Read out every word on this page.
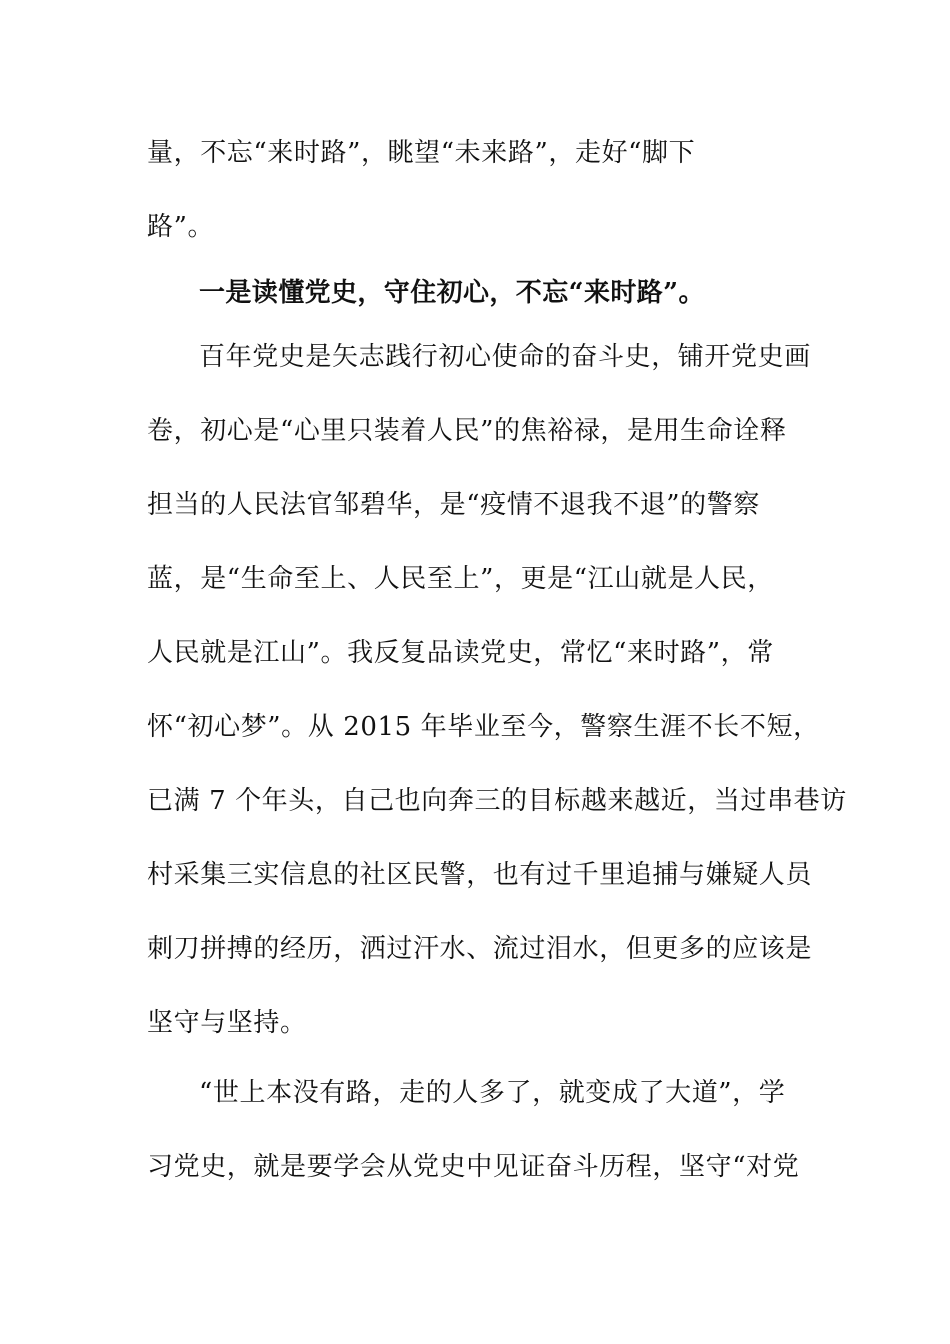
量，不忘“来时路”，眺望“未来路”，走好“脚下
路”。
一是读懂党史，守住初心，不忘“来时路”。
百年党史是矢志践行初心使命的奋斗史，铺开党史画
卷，初心是“心里只装着人民”的焦裕禄，是用生命诠释
担当的人民法官邹碧华，是“疫情不退我不退”的警察
蓝，是“生命至上、人民至上”，更是“江山就是人民，
人民就是江山”。我反复品读党史，常忆“来时路”，常
怀“初心梦”。从 2015 年毕业至今，警察生涯不长不短，
已满 7 个年头，自己也向奔三的目标越来越近，当过串巷访
村采集三实信息的社区民警，也有过千里追捕与嫌疑人员
刺刀拼搏的经历，洒过汗水、流过泪水，但更多的应该是
坚守与坚持。
“世上本没有路，走的人多了，就变成了大道”，学
习党史，就是要学会从党史中见证奋斗历程，坚守“对党
